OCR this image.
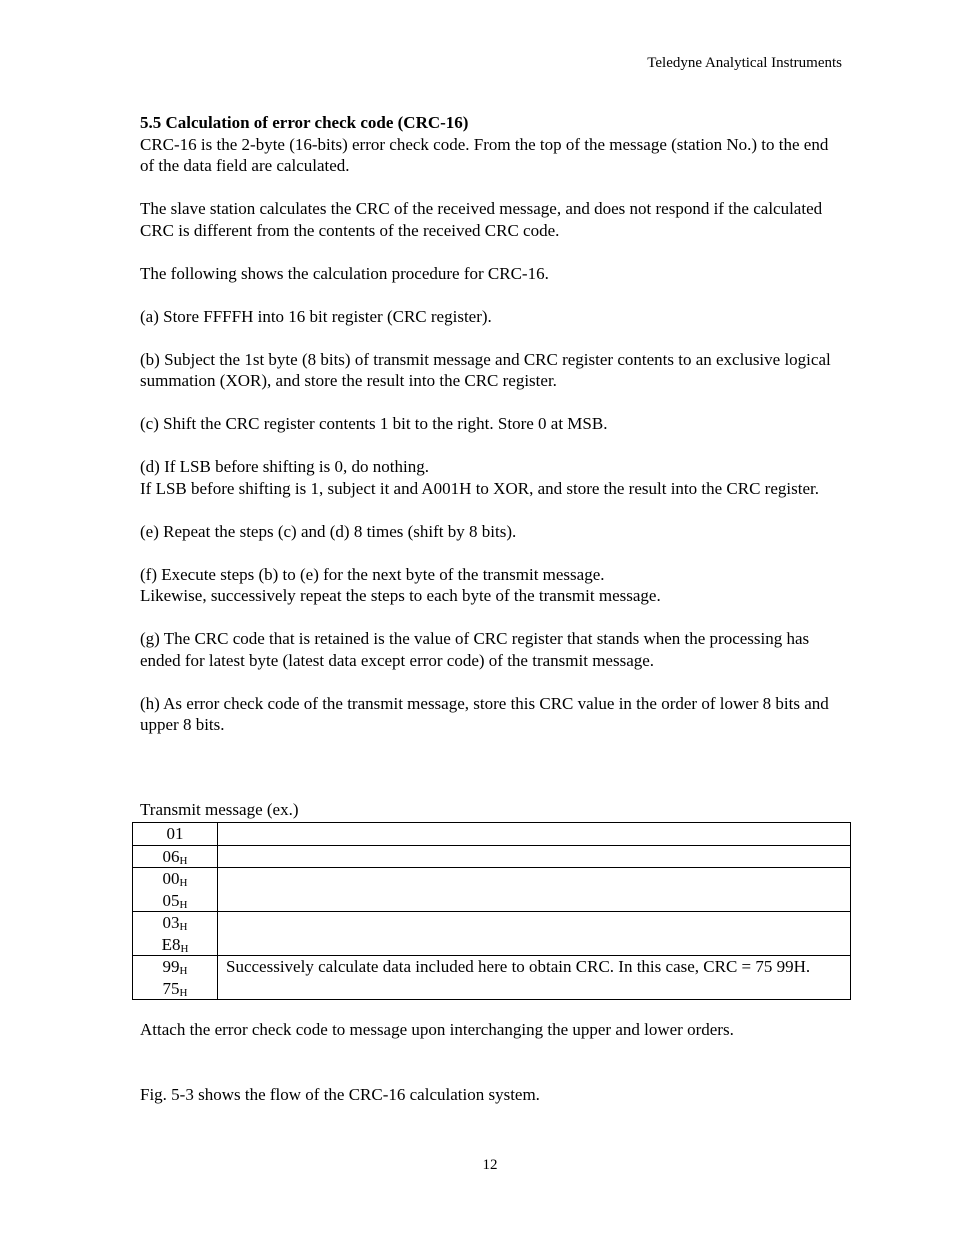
Teledyne Analytical Instruments
5.5 Calculation of error check code (CRC-16)

CRC-16 is the 2-byte (16-bits) error check code. From the top of the message (station No.) to the end of the data field are calculated.

The slave station calculates the CRC of the received message, and does not respond if the calculated CRC is different from the contents of the received CRC code.

The following shows the calculation procedure for CRC-16.

(a) Store FFFFH into 16 bit register (CRC register).

(b) Subject the 1st byte (8 bits) of transmit message and CRC register contents to an exclusive logical summation (XOR), and store the result into the CRC register.

(c) Shift the CRC register contents 1 bit to the right. Store 0 at MSB.

(d) If LSB before shifting is 0, do nothing.

If LSB before shifting is 1, subject it and A001H to XOR, and store the result into the CRC register.

(e) Repeat the steps (c) and (d) 8 times (shift by 8 bits).

(f) Execute steps (b) to (e) for the next byte of the transmit message.

Likewise, successively repeat the steps to each byte of the transmit message.

(g) The CRC code that is retained is the value of CRC register that stands when the processing has ended for latest byte (latest data except error code) of the transmit message.

(h) As error check code of the transmit message, store this CRC value in the order of lower 8 bits and upper 8 bits.

Transmit message (ex.)
01	

$06_H$

$00_H$
$05_H$

$03_H$
$E8_H$

$99_H$
$75_H$	Successively calculate data included here to obtain CRC. In this case, CRC = 75 99H.
Attach the error check code to message upon interchanging the upper and lower orders.
Fig. 5-3 shows the flow of the CRC-16 calculation system.
12
